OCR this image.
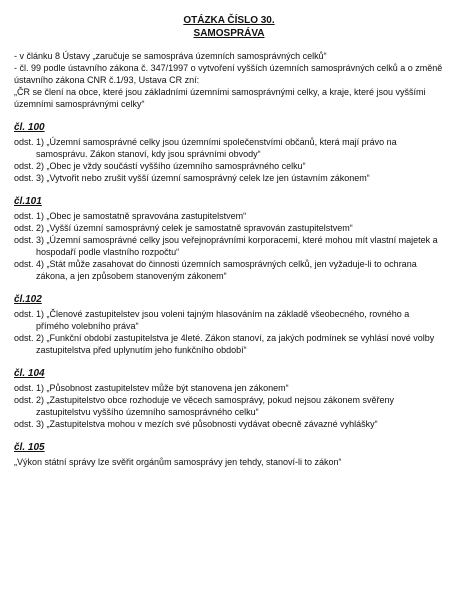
OTÁZKA ČÍSLO 30.
SAMOSPRÁVA

- v článku 8 Ústavy „zaručuje se samospráva územních samosprávných celků“

- čl. 99 podle ústavního zákona č. 347/1997 o vytvoření vyšších územních samosprávných celků a o změně ústavního zákona CNR č.1/93, Ustava CR zní:

„ČR se člení na obce, které jsou základními územními samosprávnými celky, a kraje, které jsou vyššími územními samosprávnými celky“

čl. 100

odst. 1) „Územní samosprávné celky jsou územními společenstvími občanů, která mají právo na samosprávu. Zákon stanoví, kdy jsou správními obvody“

odst. 2) „Obec je vždy součástí vyššího územního samosprávného celku“

odst. 3) „Vytvořit nebo zrušit vyšší územní samosprávný celek lze jen ústavním zákonem“

čl.101

odst. 1) „Obec je samostatně spravována zastupitelstvem“

odst. 2) „Vyšší územní samosprávný celek je samostatně spravován zastupitelstvem“

odst. 3) „Územní samosprávné celky jsou veřejnoprávními korporacemi, které mohou mít vlastní majetek a hospodaří podle vlastního rozpočtu“

odst. 4) „Stát může zasahovat do činnosti územních samosprávných celků, jen vyžaduje-li to ochrana zákona, a jen způsobem stanoveným zákonem“

čl.102

odst. 1) „Členové zastupitelstev jsou voleni tajným hlasováním na základě všeobecného, rovného a přímého volebního práva“

odst. 2) „Funkční období zastupitelstva je 4leté. Zákon stanoví, za jakých podmínek se vyhlásí nové volby zastupitelstva před uplynutím jeho funkčního období“

čl. 104

odst. 1) „Působnost zastupitelstev může být stanovena jen zákonem“

odst. 2) „Zastupitelstvo obce rozhoduje ve věcech samosprávy, pokud nejsou zákonem svěřeny zastupitelstvu vyššího územního samosprávného celku“

odst. 3) „Zastupitelstva mohou v mezích své působnosti vydávat obecně závazné vyhlášky“

čl. 105

„Výkon státní správy lze svěřit orgánům samosprávy jen tehdy, stanoví-li to zákon“
